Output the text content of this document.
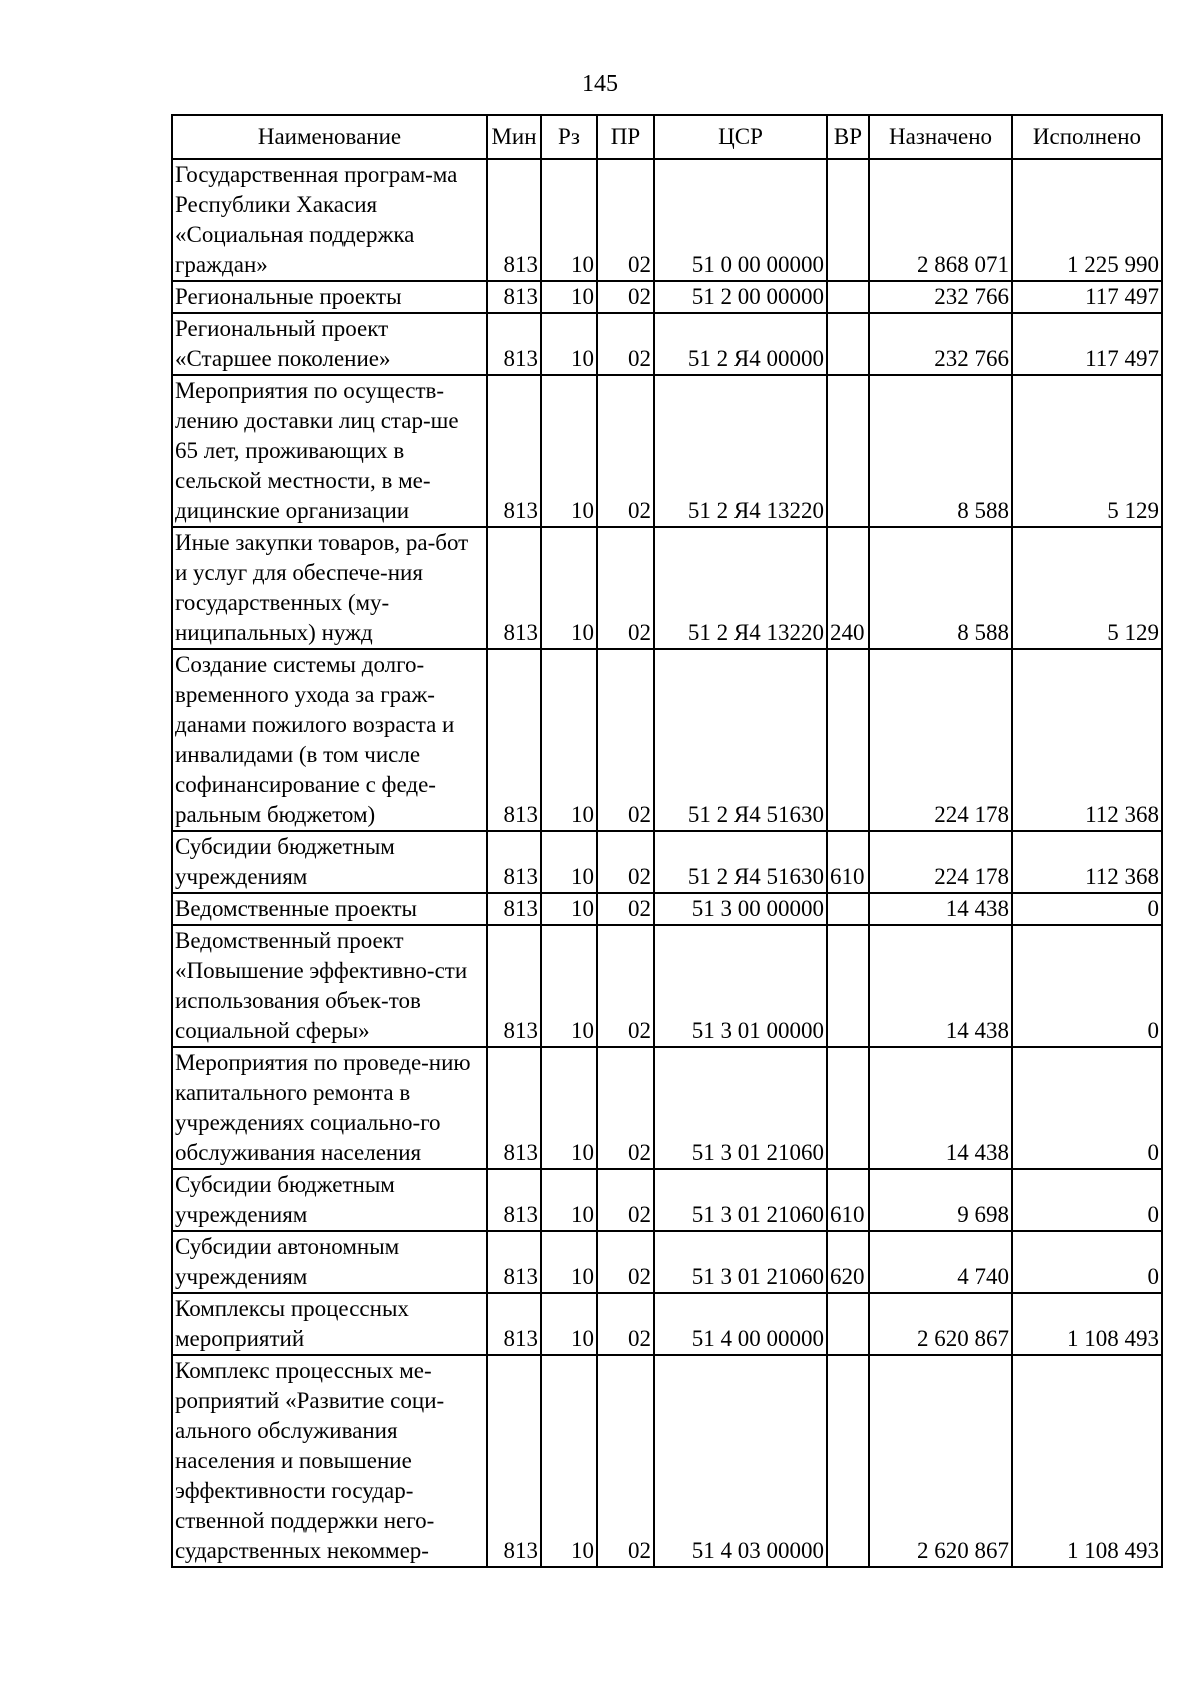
145
Наименование	Мин	Рз	ПР	ЦСР	ВР	Назначено	Исполнено
Государственная програм-ма Республики Хакасия «Социальная поддержка граждан»	813	10	02	51 0 00 00000		2 868 071	1 225 990
Региональные проекты	813	10	02	51 2 00 00000		232 766	117 497
Региональный проект «Старшее поколение»	813	10	02	51 2 Я4 00000		232 766	117 497
Мероприятия по осуществ-лению доставки лиц стар-ше 65 лет, проживающих в сельской местности, в ме-дицинские организации	813	10	02	51 2 Я4 13220		8 588	5 129
Иные закупки товаров, ра-бот и услуг для обеспече-ния государственных (му-ниципальных) нужд	813	10	02	51 2 Я4 13220	240	8 588	5 129
Создание системы долго-временного ухода за граж-данами пожилого возраста и инвалидами (в том числе софинансирование с феде-ральным бюджетом)	813	10	02	51 2 Я4 51630		224 178	112 368
Субсидии бюджетным учреждениям	813	10	02	51 2 Я4 51630	610	224 178	112 368
Ведомственные проекты	813	10	02	51 3 00 00000		14 438	0
Ведомственный проект «Повышение эффективно-сти использования объек-тов социальной сферы»	813	10	02	51 3 01 00000		14 438	0
Мероприятия по проведе-нию капитального ремонта в учреждениях социально-го обслуживания населения	813	10	02	51 3 01 21060		14 438	0
Субсидии бюджетным учреждениям	813	10	02	51 3 01 21060	610	9 698	0
Субсидии автономным учреждениям	813	10	02	51 3 01 21060	620	4 740	0
Комплексы процессных мероприятий	813	10	02	51 4 00 00000		2 620 867	1 108 493
Комплекс процессных ме-роприятий «Развитие соци-ального обслуживания населения и повышение эффективности государ-ственной поддержки него-сударственных некоммер-	813	10	02	51 4 03 00000		2 620 867	1 108 493
